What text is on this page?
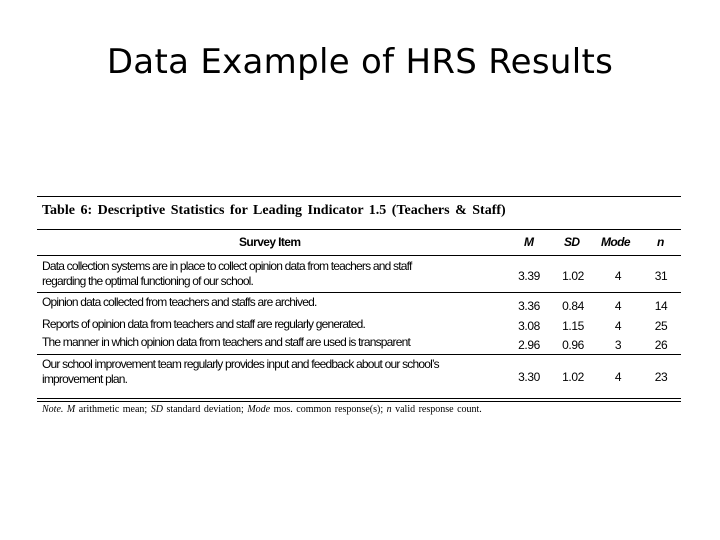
Data Example of HRS Results
Table 6: Descriptive Statistics for Leading Indicator 1.5 (Teachers & Staff)
Survey Item	M	SD Mode n
Data collection systems are in place to collect opinion data from teachers and staff
regarding the optimal functioning of our school.	3.39	1.02	4	31
Opinion data collected from teachers and staffs are archived.	3.36	0.84	4	14
Reports of opinion data from teachers and staff are regularly generated.	3.08	1.15	4	25
The manner in which opinion data from teachers and staff are used is transparent	2.96	0.96	3	26
Our school improvement team regularly provides input and feedback about our school’s
improvement plan.	3.30	1.02	4	23
Note. M arithmetic mean; SD standard deviation; Mode mos. common response(s); n valid response count.
